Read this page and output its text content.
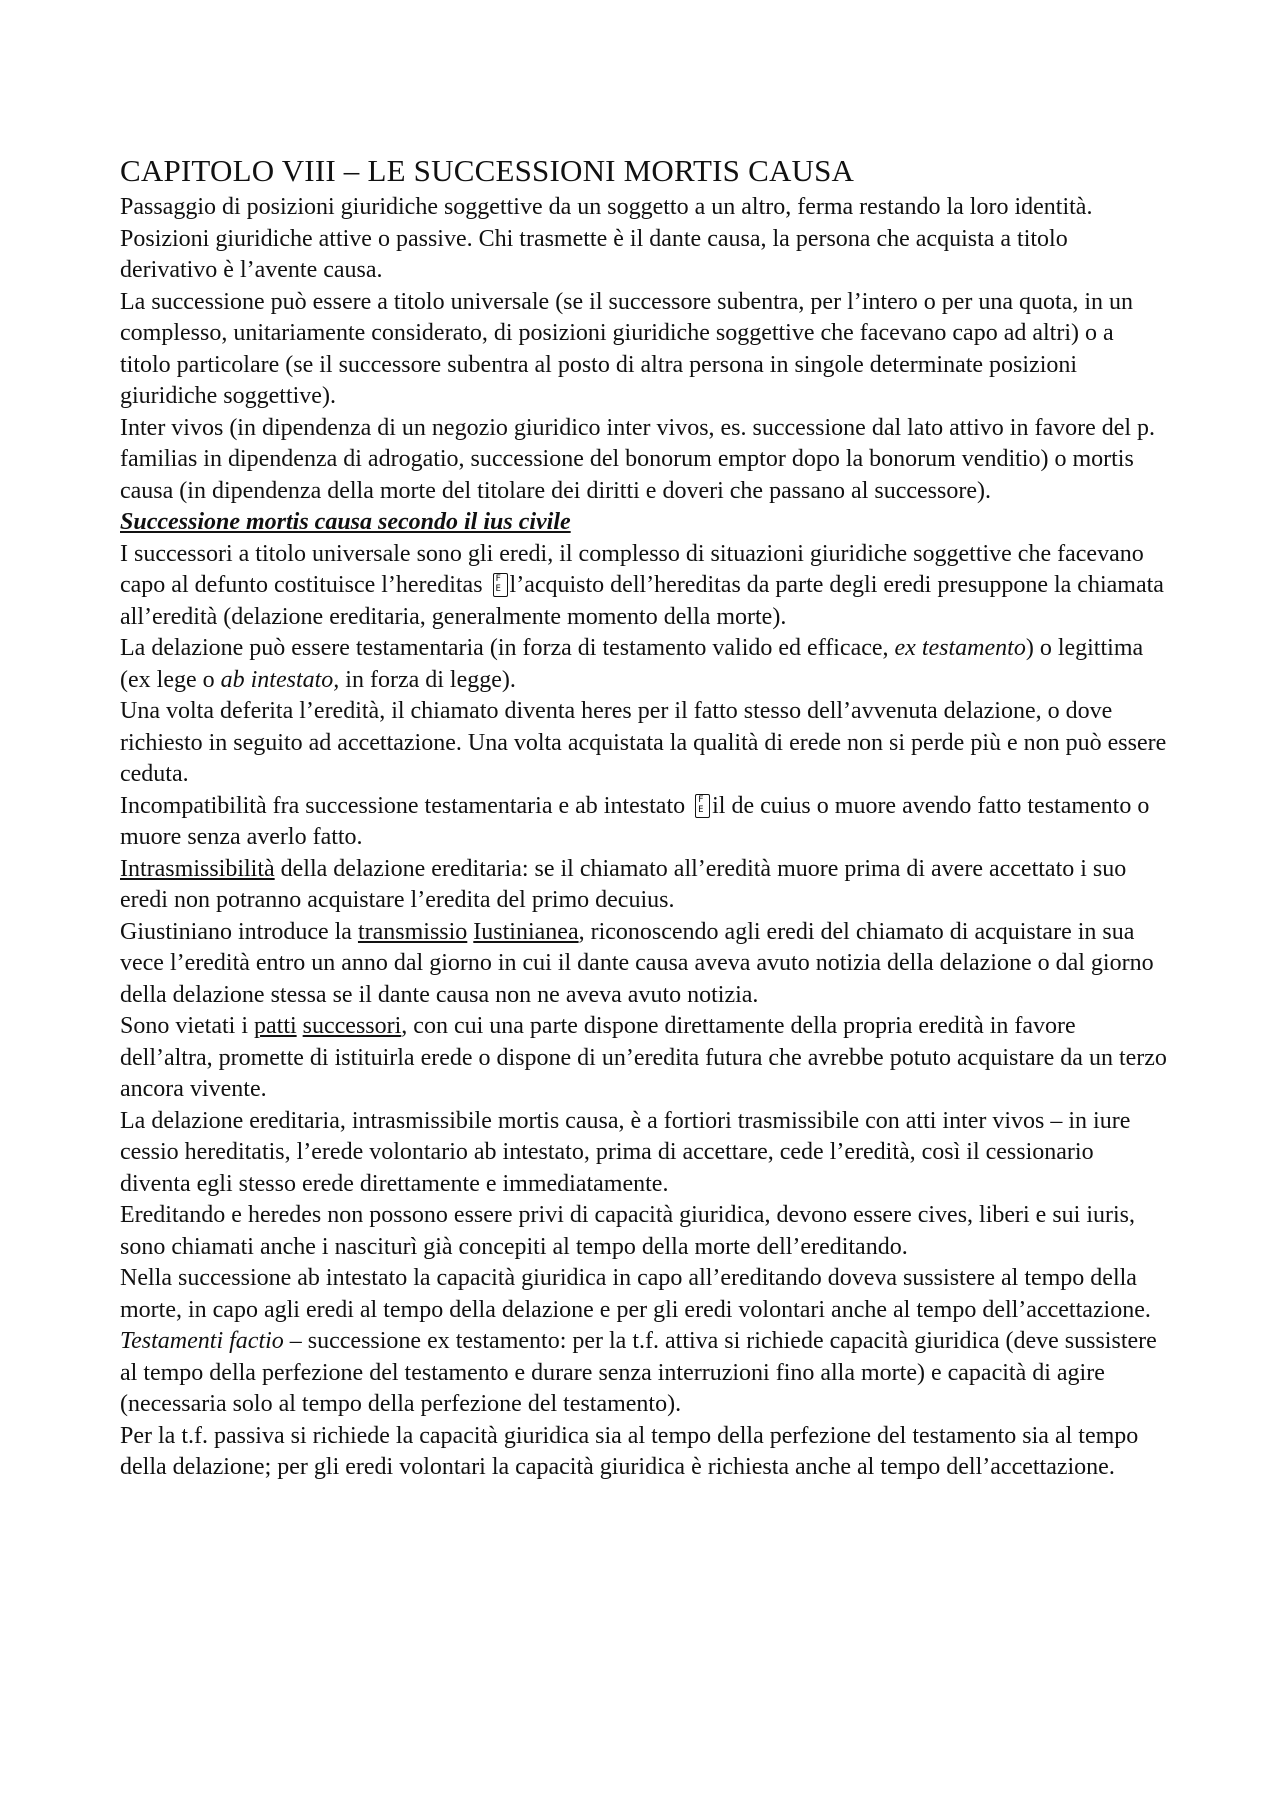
CAPITOLO VIII – LE SUCCESSIONI MORTIS CAUSA

Passaggio di posizioni giuridiche soggettive da un soggetto a un altro, ferma restando la loro identità. Posizioni giuridiche attive o passive. Chi trasmette è il dante causa, la persona che acquista a titolo derivativo è l’avente causa.

La successione può essere a titolo universale (se il successore subentra, per l’intero o per una quota, in un complesso, unitariamente considerato, di posizioni giuridiche soggettive che facevano capo ad altri) o a titolo particolare (se il successore subentra al posto di altra persona in singole determinate posizioni giuridiche soggettive).

Inter vivos (in dipendenza di un negozio giuridico inter vivos, es. successione dal lato attivo in favore del p. familias in dipendenza di adrogatio, successione del bonorum emptor dopo la bonorum venditio) o mortis causa (in dipendenza della morte del titolare dei diritti e doveri che passano al successore).

Successione mortis causa secondo il ius civile

I successori a titolo universale sono gli eredi, il complesso di situazioni giuridiche soggettive che facevano capo al defunto costituisce l’hereditas F El’acquisto dell’hereditas da parte degli eredi presuppone la chiamata all’eredità (delazione ereditaria, generalmente momento della morte).

La delazione può essere testamentaria (in forza di testamento valido ed efficace, ex testamento) o legittima (ex lege o ab intestato, in forza di legge).

Una volta deferita l’eredità, il chiamato diventa heres per il fatto stesso dell’avvenuta delazione, o dove richiesto in seguito ad accettazione. Una volta acquistata la qualità di erede non si perde più e non può essere ceduta.

Incompatibilità fra successione testamentaria e ab intestato F Eil de cuius o muore avendo fatto testamento o muore senza averlo fatto.

Intrasmissibilità della delazione ereditaria: se il chiamato all’eredità muore prima di avere accettato i suo eredi non potranno acquistare l’eredita del primo decuius.

Giustiniano introduce la transmissio Iustinianea, riconoscendo agli eredi del chiamato di acquistare in sua vece l’eredità entro un anno dal giorno in cui il dante causa aveva avuto notizia della delazione o dal giorno della delazione stessa se il dante causa non ne aveva avuto notizia.

Sono vietati i patti successori, con cui una parte dispone direttamente della propria eredità in favore dell’altra, promette di istituirla erede o dispone di un’eredita futura che avrebbe potuto acquistare da un terzo ancora vivente.

La delazione ereditaria, intrasmissibile mortis causa, è a fortiori trasmissibile con atti inter vivos – in iure cessio hereditatis, l’erede volontario ab intestato, prima di accettare, cede l’eredità, così il cessionario diventa egli stesso erede direttamente e immediatamente.

Ereditando e heredes non possono essere privi di capacità giuridica, devono essere cives, liberi e sui iuris, sono chiamati anche i nasciturì già concepiti al tempo della morte dell’ereditando.

Nella successione ab intestato la capacità giuridica in capo all’ereditando doveva sussistere al tempo della morte, in capo agli eredi al tempo della delazione e per gli eredi volontari anche al tempo dell’accettazione.

Testamenti factio – successione ex testamento: per la t.f. attiva si richiede capacità giuridica (deve sussistere al tempo della perfezione del testamento e durare senza interruzioni fino alla morte) e capacità di agire (necessaria solo al tempo della perfezione del testamento).

Per la t.f. passiva si richiede la capacità giuridica sia al tempo della perfezione del testamento sia al tempo della delazione; per gli eredi volontari la capacità giuridica è richiesta anche al tempo dell’accettazione.
